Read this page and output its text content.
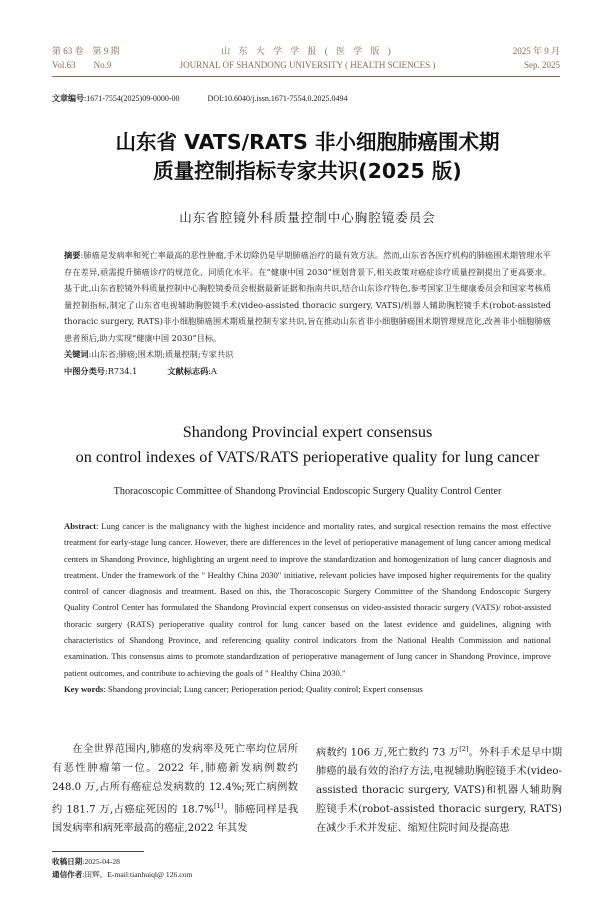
第 63 卷　第 9 期
Vol.63　　No.9
山 东 大 学 学 报 ( 医 学 版 )
JOURNAL OF SHANDONG UNIVERSITY ( HEALTH SCIENCES )
2025 年 9 月
Sep. 2025
文章编号:1671-7554(2025)09-0000-00	DOI:10.6040/j.issn.1671-7554.0.2025.0494
山东省 VATS/RATS 非小细胞肺癌围术期
质量控制指标专家共识(2025 版)
山东省腔镜外科质量控制中心胸腔镜委员会

摘要:肺癌是发病率和死亡率最高的恶性肿瘤,手术切除仍是早期肺癌治疗的最有效方法。然而,山东省各医疗机构的肺癌围术期管理水平存在差异,亟需提升肺癌诊疗的规范化、同质化水平。在“健康中国 2030”规划背景下,相关政策对癌症诊疗质量控制提出了更高要求。基于此,山东省腔镜外科质量控制中心胸腔镜委员会根据最新证据和指南共识,结合山东诊疗特色,参考国家卫生健康委员会和国家考核质量控制指标,制定了山东省电视辅助胸腔镜手术(video-assisted thoracic surgery, VATS)/机器人辅助胸腔镜手术(robot-assisted thoracic surgery, RATS)非小细胞肺癌围术期质量控制专家共识,旨在推动山东省非小细胞肺癌围术期管理规范化,改善非小细胞肺癌患者预后,助力实现“健康中国 2030”目标。

关键词:山东省;肺癌;围术期;质量控制;专家共识

中图分类号:R734.1	文献标志码:A

Shandong Provincial expert consensus
on control indexes of VATS/RATS perioperative quality for lung cancer
Thoracoscopic Committee of Shandong Provincial Endoscopic Surgery Quality Control Center

Abstract: Lung cancer is the malignancy with the highest incidence and mortality rates, and surgical resection remains the most effective treatment for early-stage lung cancer. However, there are differences in the level of perioperative management of lung cancer among medical centers in Shandong Province, highlighting an urgent need to improve the standardization and homogenization of lung cancer diagnosis and treatment. Under the framework of the " Healthy China 2030" initiative, relevant policies have imposed higher requirements for the quality control of cancer diagnosis and treatment. Based on this, the Thoracoscopic Surgery Committee of the Shandong Endoscopic Surgery Quality Control Center has formulated the Shandong Provincial expert consensus on video-assisted thoracic surgery (VATS)/ robot-assisted thoracic surgery (RATS) perioperative quality control for lung cancer based on the latest evidence and guidelines, aligning with characteristics of Shandong Province, and referencing quality control indicators from the National Health Commission and national examination. This consensus aims to promote standardization of perioperative management of lung cancer in Shandong Province, improve patient outcomes, and contribute to achieving the goals of " Healthy China 2030."

Key words: Shandong provincial; Lung cancer; Perioperation period; Quality control; Expert consensus

在全世界范围内,肺癌的发病率及死亡率均位居所有恶性肿瘤第一位。2022 年,肺癌新发病例数约 248.0 万,占所有癌症总发病数的 12.4%;死亡病例数约 181.7 万,占癌症死因的 18.7%[1]。肺癌同样是我国发病率和病死率最高的癌症,2022 年其发

病数约 106 万,死亡数约 73 万[2]。外科手术是早中期肺癌的最有效的治疗方法,电视辅助胸腔镜手术(video-assisted thoracic surgery, VATS)和机器人辅助胸腔镜手术(robot-assisted thoracic surgery, RATS)在减少手术并发症、缩短住院时间及提高患

收稿日期:2025-04-28
通信作者:田辉。E-mail:tianhuiql@ 126.com
